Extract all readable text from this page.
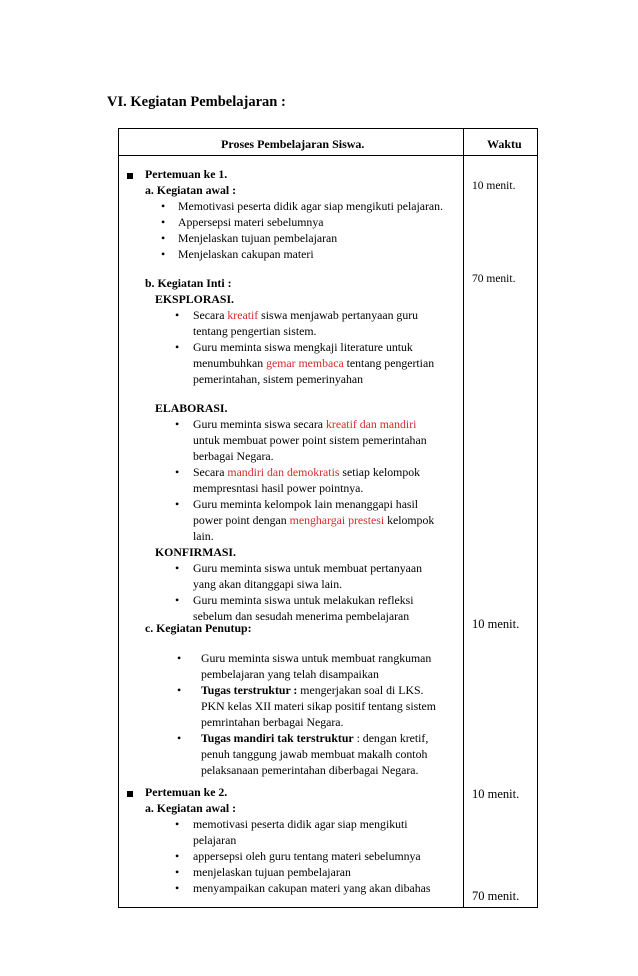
VI. Kegiatan Pembelajaran :
Proses Pembelajaran Siswa.	Waktu
Pertemuan ke 1.
a. Kegiatan awal :	10 menit.
• Memotivasi peserta didik agar siap mengikuti pelajaran.
• Appersepsi materi sebelumnya
• Menjelaskan tujuan pembelajaran
• Menjelaskan cakupan materi
b. Kegiatan Inti :	70 menit.
EKSPLORASI.
• Secara kreatif siswa menjawab pertanyaan guru
tentang pengertian sistem.
• Guru meminta siswa mengkaji literature untuk
menumbuhkan gemar membaca tentang pengertian
pemerintahan, sistem pemerinyahan
ELABORASI.
• Guru meminta siswa secara kreatif dan mandiri
untuk membuat power point sistem pemerintahan
berbagai Negara.
• Secara mandiri dan demokratis setiap kelompok
mempresntasi hasil power pointnya.
• Guru meminta kelompok lain menanggapi hasil
power point dengan menghargai prestesi kelompok
lain.
KONFIRMASI.
• Guru meminta siswa untuk membuat pertanyaan
yang akan ditanggapi siwa lain.
• Guru meminta siswa untuk melakukan refleksi
sebelum dan sesudah menerima pembelajaran
c. Kegiatan Penutup:	10 menit.
• Guru meminta siswa untuk membuat rangkuman
pembelajaran yang telah disampaikan
• Tugas terstruktur : mengerjakan soal di LKS.
PKN kelas XII materi sikap positif tentang sistem
pemrintahan berbagai Negara.
• Tugas mandiri tak terstruktur : dengan kretif,
penuh tanggung jawab membuat makalh contoh
pelaksanaan pemerintahan diberbagai Negara.
Pertemuan ke 2.	10 menit.
a. Kegiatan awal :
• memotivasi peserta didik agar siap mengikuti
pelajaran
• appersepsi oleh guru tentang materi sebelumnya
• menjelaskan tujuan pembelajaran
• menyampaikan cakupan materi yang akan dibahas
70 menit.
